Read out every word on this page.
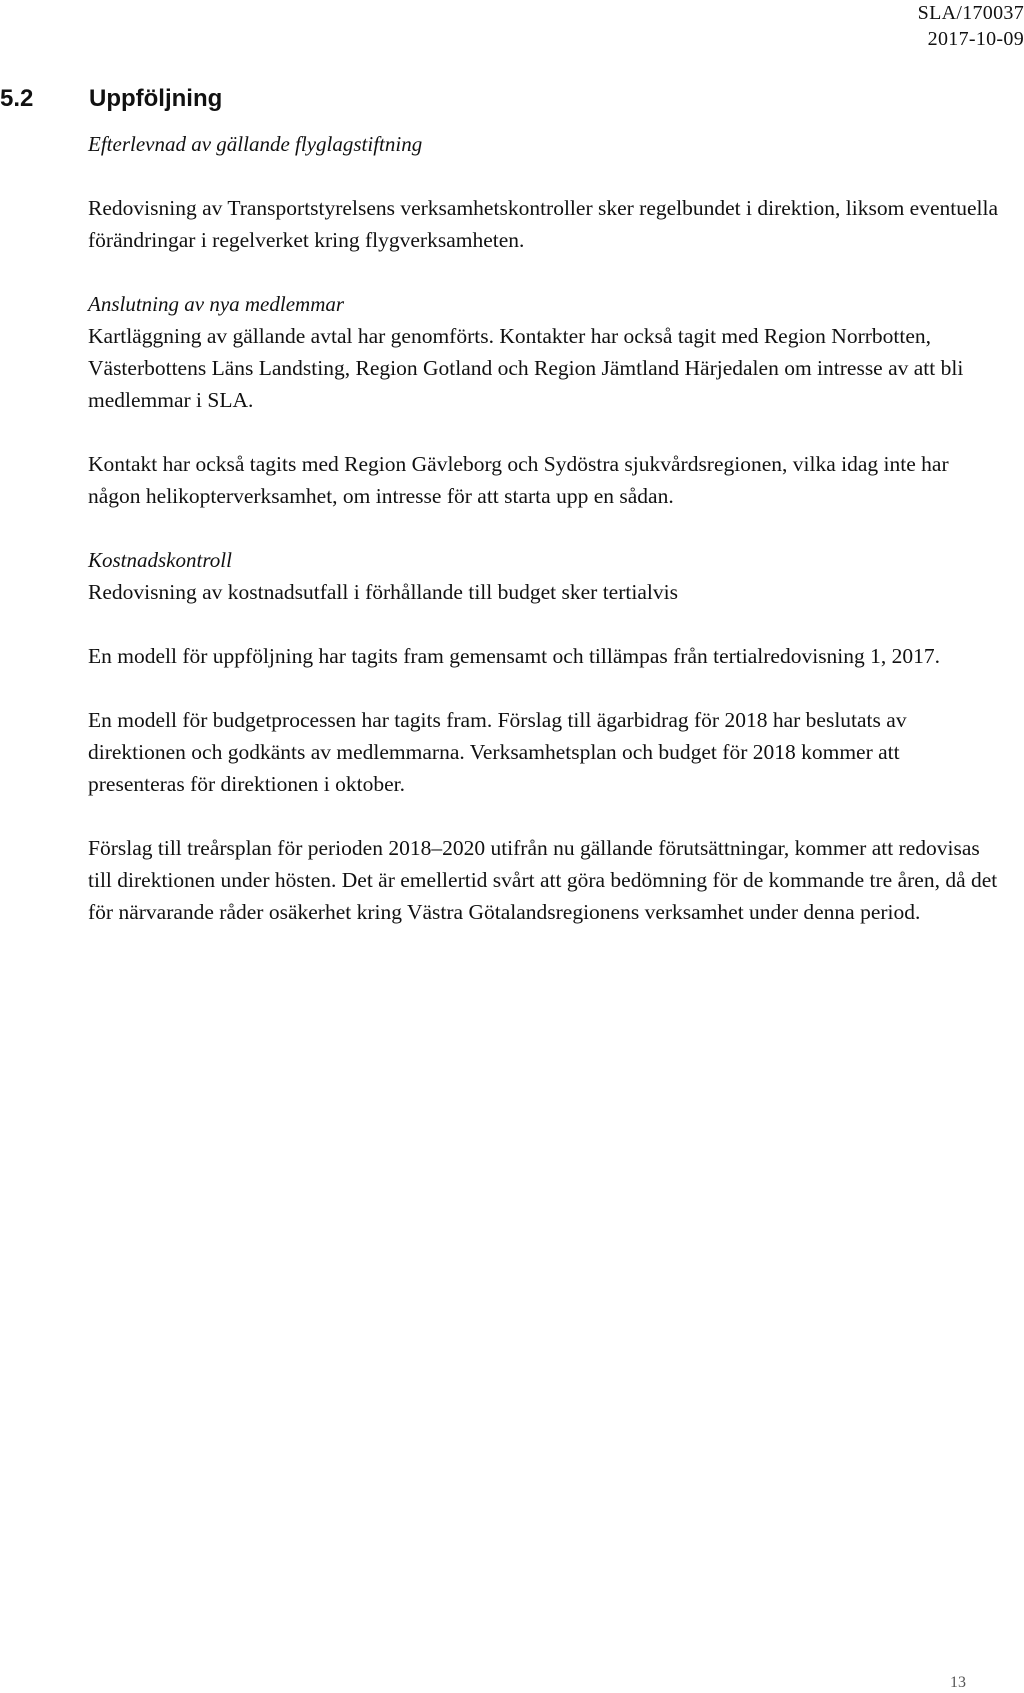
SLA/170037
2017-10-09
5.2	Uppföljning

Efterlevnad av gällande flyglagstiftning

Redovisning av Transportstyrelsens verksamhetskontroller sker regelbundet i direktion, liksom eventuella förändringar i regelverket kring flygverksamheten.

Anslutning av nya medlemmar

Kartläggning av gällande avtal har genomförts. Kontakter har också tagit med Region Norrbotten, Västerbottens Läns Landsting, Region Gotland och Region Jämtland Härjedalen om intresse av att bli medlemmar i SLA.

Kontakt har också tagits med Region Gävleborg och Sydöstra sjukvårdsregionen, vilka idag inte har någon helikopterverksamhet, om intresse för att starta upp en sådan.

Kostnadskontroll

Redovisning av kostnadsutfall i förhållande till budget sker tertialvis

En modell för uppföljning har tagits fram gemensamt och tillämpas från tertialredovisning 1, 2017.

En modell för budgetprocessen har tagits fram. Förslag till ägarbidrag för 2018 har beslutats av direktionen och godkänts av medlemmarna. Verksamhetsplan och budget för 2018 kommer att presenteras för direktionen i oktober.

Förslag till treårsplan för perioden 2018–2020 utifrån nu gällande förutsättningar, kommer att redovisas till direktionen under hösten. Det är emellertid svårt att göra bedömning för de kommande tre åren, då det för närvarande råder osäkerhet kring Västra Götalandsregionens verksamhet under denna period.

13
